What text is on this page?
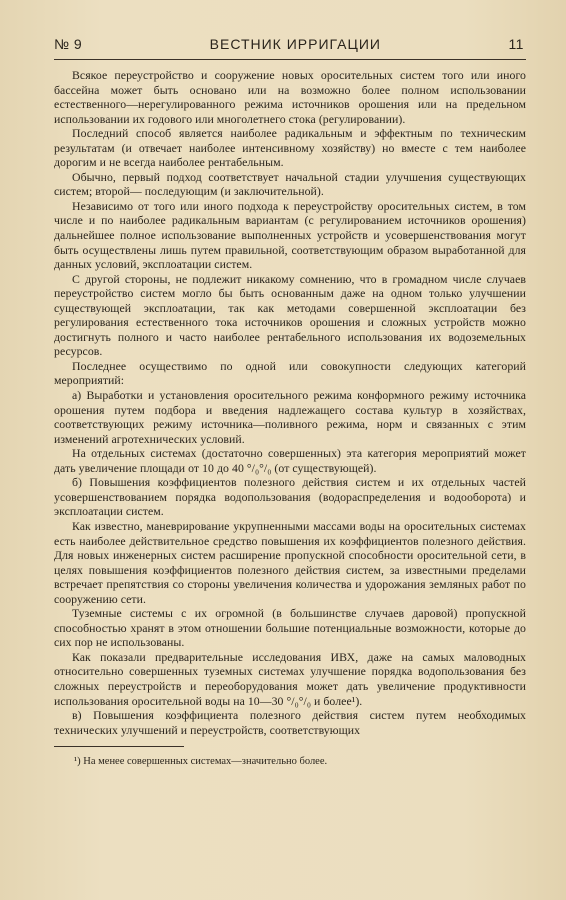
№ 9	ВЕСТНИК ИРРИГАЦИИ	11

Всякое переустройство и сооружение новых оросительных систем того или иного бассейна может быть основано или на возможно более полном использовании естественного—нерегулированного режима источников орошения или на предельном использовании их годового или многолетнего стока (регулировании).

Последний способ является наиболее радикальным и эффектным по техническим результатам (и отвечает наиболее интенсивному хозяйству) но вместе с тем наиболее дорогим и не всегда наиболее рентабельным.

Обычно, первый подход соответствует начальной стадии улучшения существующих систем; второй— последующим (и заключительной).

Независимо от того или иного подхода к переустройству оросительных систем, в том числе и по наиболее радикальным вариантам (с регулированием источников орошения) дальнейшее полное использование выполненных устройств и усовершенствования могут быть осуществлены лишь путем правильной, соответствующим образом выработанной для данных условий, эксплоатации систем.

С другой стороны, не подлежит никакому сомнению, что в громадном числе случаев переустройство систем могло бы быть основанным даже на одном только улучшении существующей эксплоатации, так как методами совершенной эксплоатации без регулирования естественного тока источников орошения и сложных устройств можно достигнуть полного и часто наиболее рентабельного использования их водоземельных ресурсов.

Последнее осуществимо по одной или совокупности следующих категорий мероприятий:

а) Выработки и установления оросительного режима конформного режиму источника орошения путем подбора и введения надлежащего состава культур в хозяйствах, соответствующих режиму источника—поливного режима, норм и связанных с этим изменений агротехнических условий.

На отдельных системах (достаточно совершенных) эта категория мероприятий может дать увеличение площади от 10 до 40 °/₀°/₀ (от существующей).

б) Повышения коэффициентов полезного действия систем и их отдельных частей усовершенствованием порядка водопользования (водораспределения и водооборота) и эксплоатации систем.

Как известно, маневрирование укрупненными массами воды на оросительных системах есть наиболее действительное средство повышения их коэффициентов полезного действия. Для новых инженерных систем расширение пропускной способности оросительной сети, в целях повышения коэффициентов полезного действия систем, за известными пределами встречает препятствия со стороны увеличения количества и удорожания земляных работ по сооружению сети.

Туземные системы с их огромной (в большинстве случаев даровой) пропускной способностью хранят в этом отношении большие потенциальные возможности, которые до сих пор не использованы.

Как показали предварительные исследования ИВХ, даже на самых маловодных относительно совершенных туземных системах улучшение порядка водопользования без сложных переустройств и переоборудования может дать увеличение продуктивности использования оросительной воды на 10—30 °/₀°/₀ и более¹).

в) Повышения коэффициента полезного действия систем путем необходимых технических улучшений и переустройств, соответствующих

¹) На менее совершенных системах—значительно более.
